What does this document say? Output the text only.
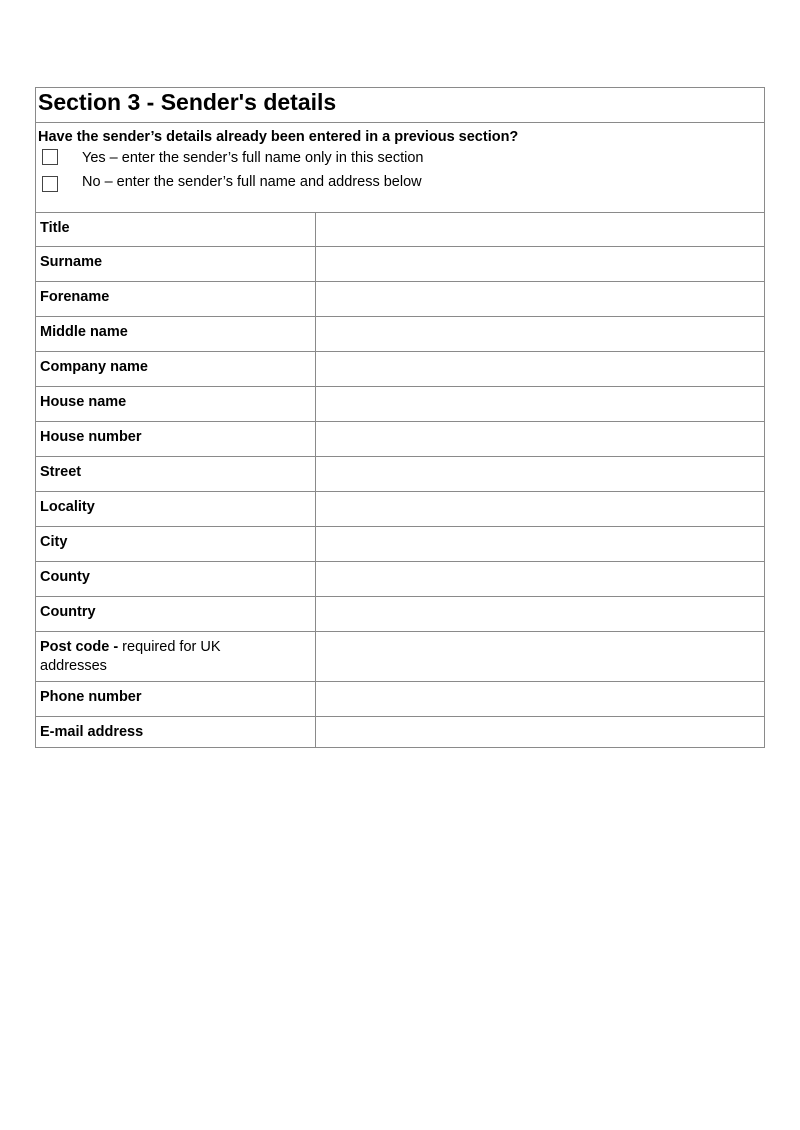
Section 3 - Sender's details
Have the sender’s details already been entered in a previous section?
Yes – enter the sender’s full name only in this section
No – enter the sender’s full name and address below
Title
Surname
Forename
Middle name
Company name
House name
House number
Street
Locality
City
County
Country
Post code - required for UK addresses
Phone number
E-mail address
